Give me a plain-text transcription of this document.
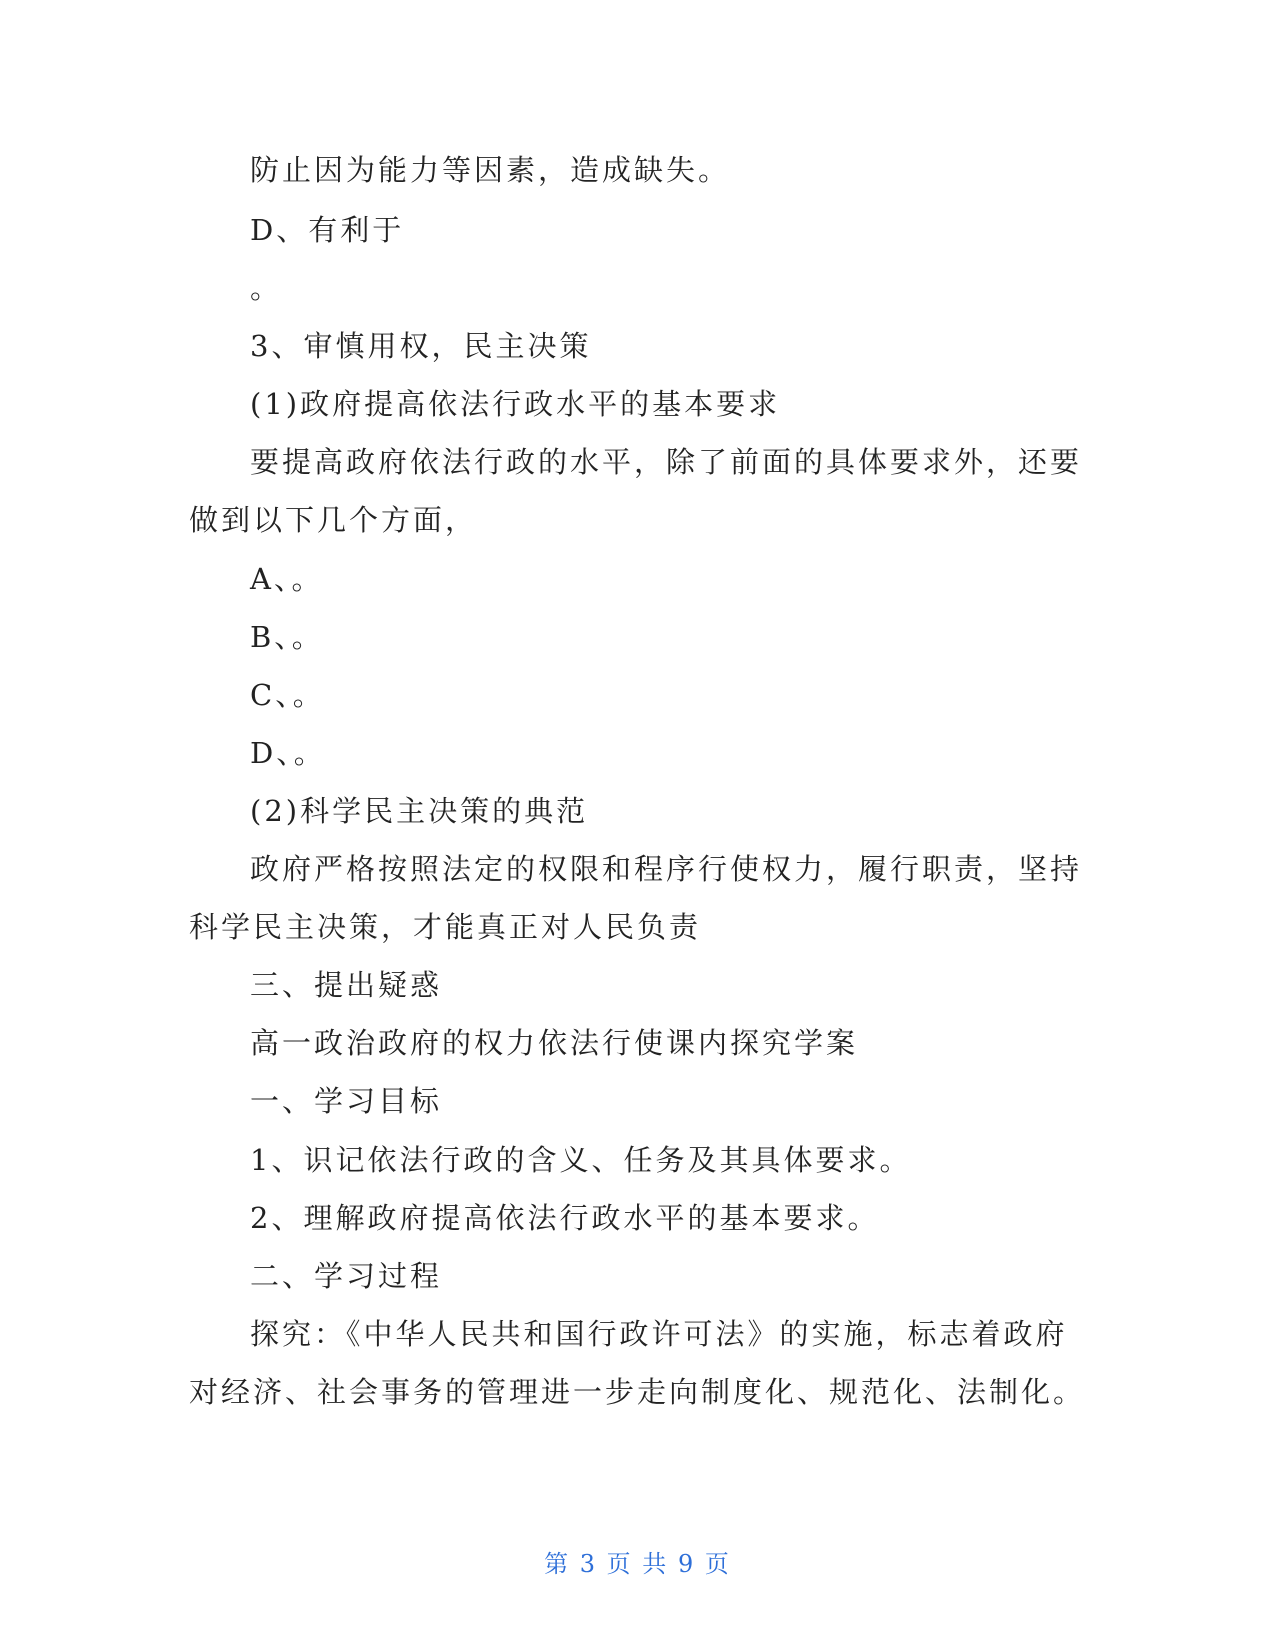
防止因为能力等因素，造成缺失。
D、有利于
。
3、审慎用权，民主决策
(1)政府提高依法行政水平的基本要求
要提高政府依法行政的水平，除了前面的具体要求外，还要
做到以下几个方面，
A、。
B、。
C、。
D、。
(2)科学民主决策的典范
政府严格按照法定的权限和程序行使权力，履行职责，坚持
科学民主决策，才能真正对人民负责
三、提出疑惑
高一政治政府的权力依法行使课内探究学案
一、学习目标
1、识记依法行政的含义、任务及其具体要求。
2、理解政府提高依法行政水平的基本要求。
二、学习过程
探究：《中华人民共和国行政许可法》的实施，标志着政府
对经济、社会事务的管理进一步走向制度化、规范化、法制化。
第 3 页 共 9 页
